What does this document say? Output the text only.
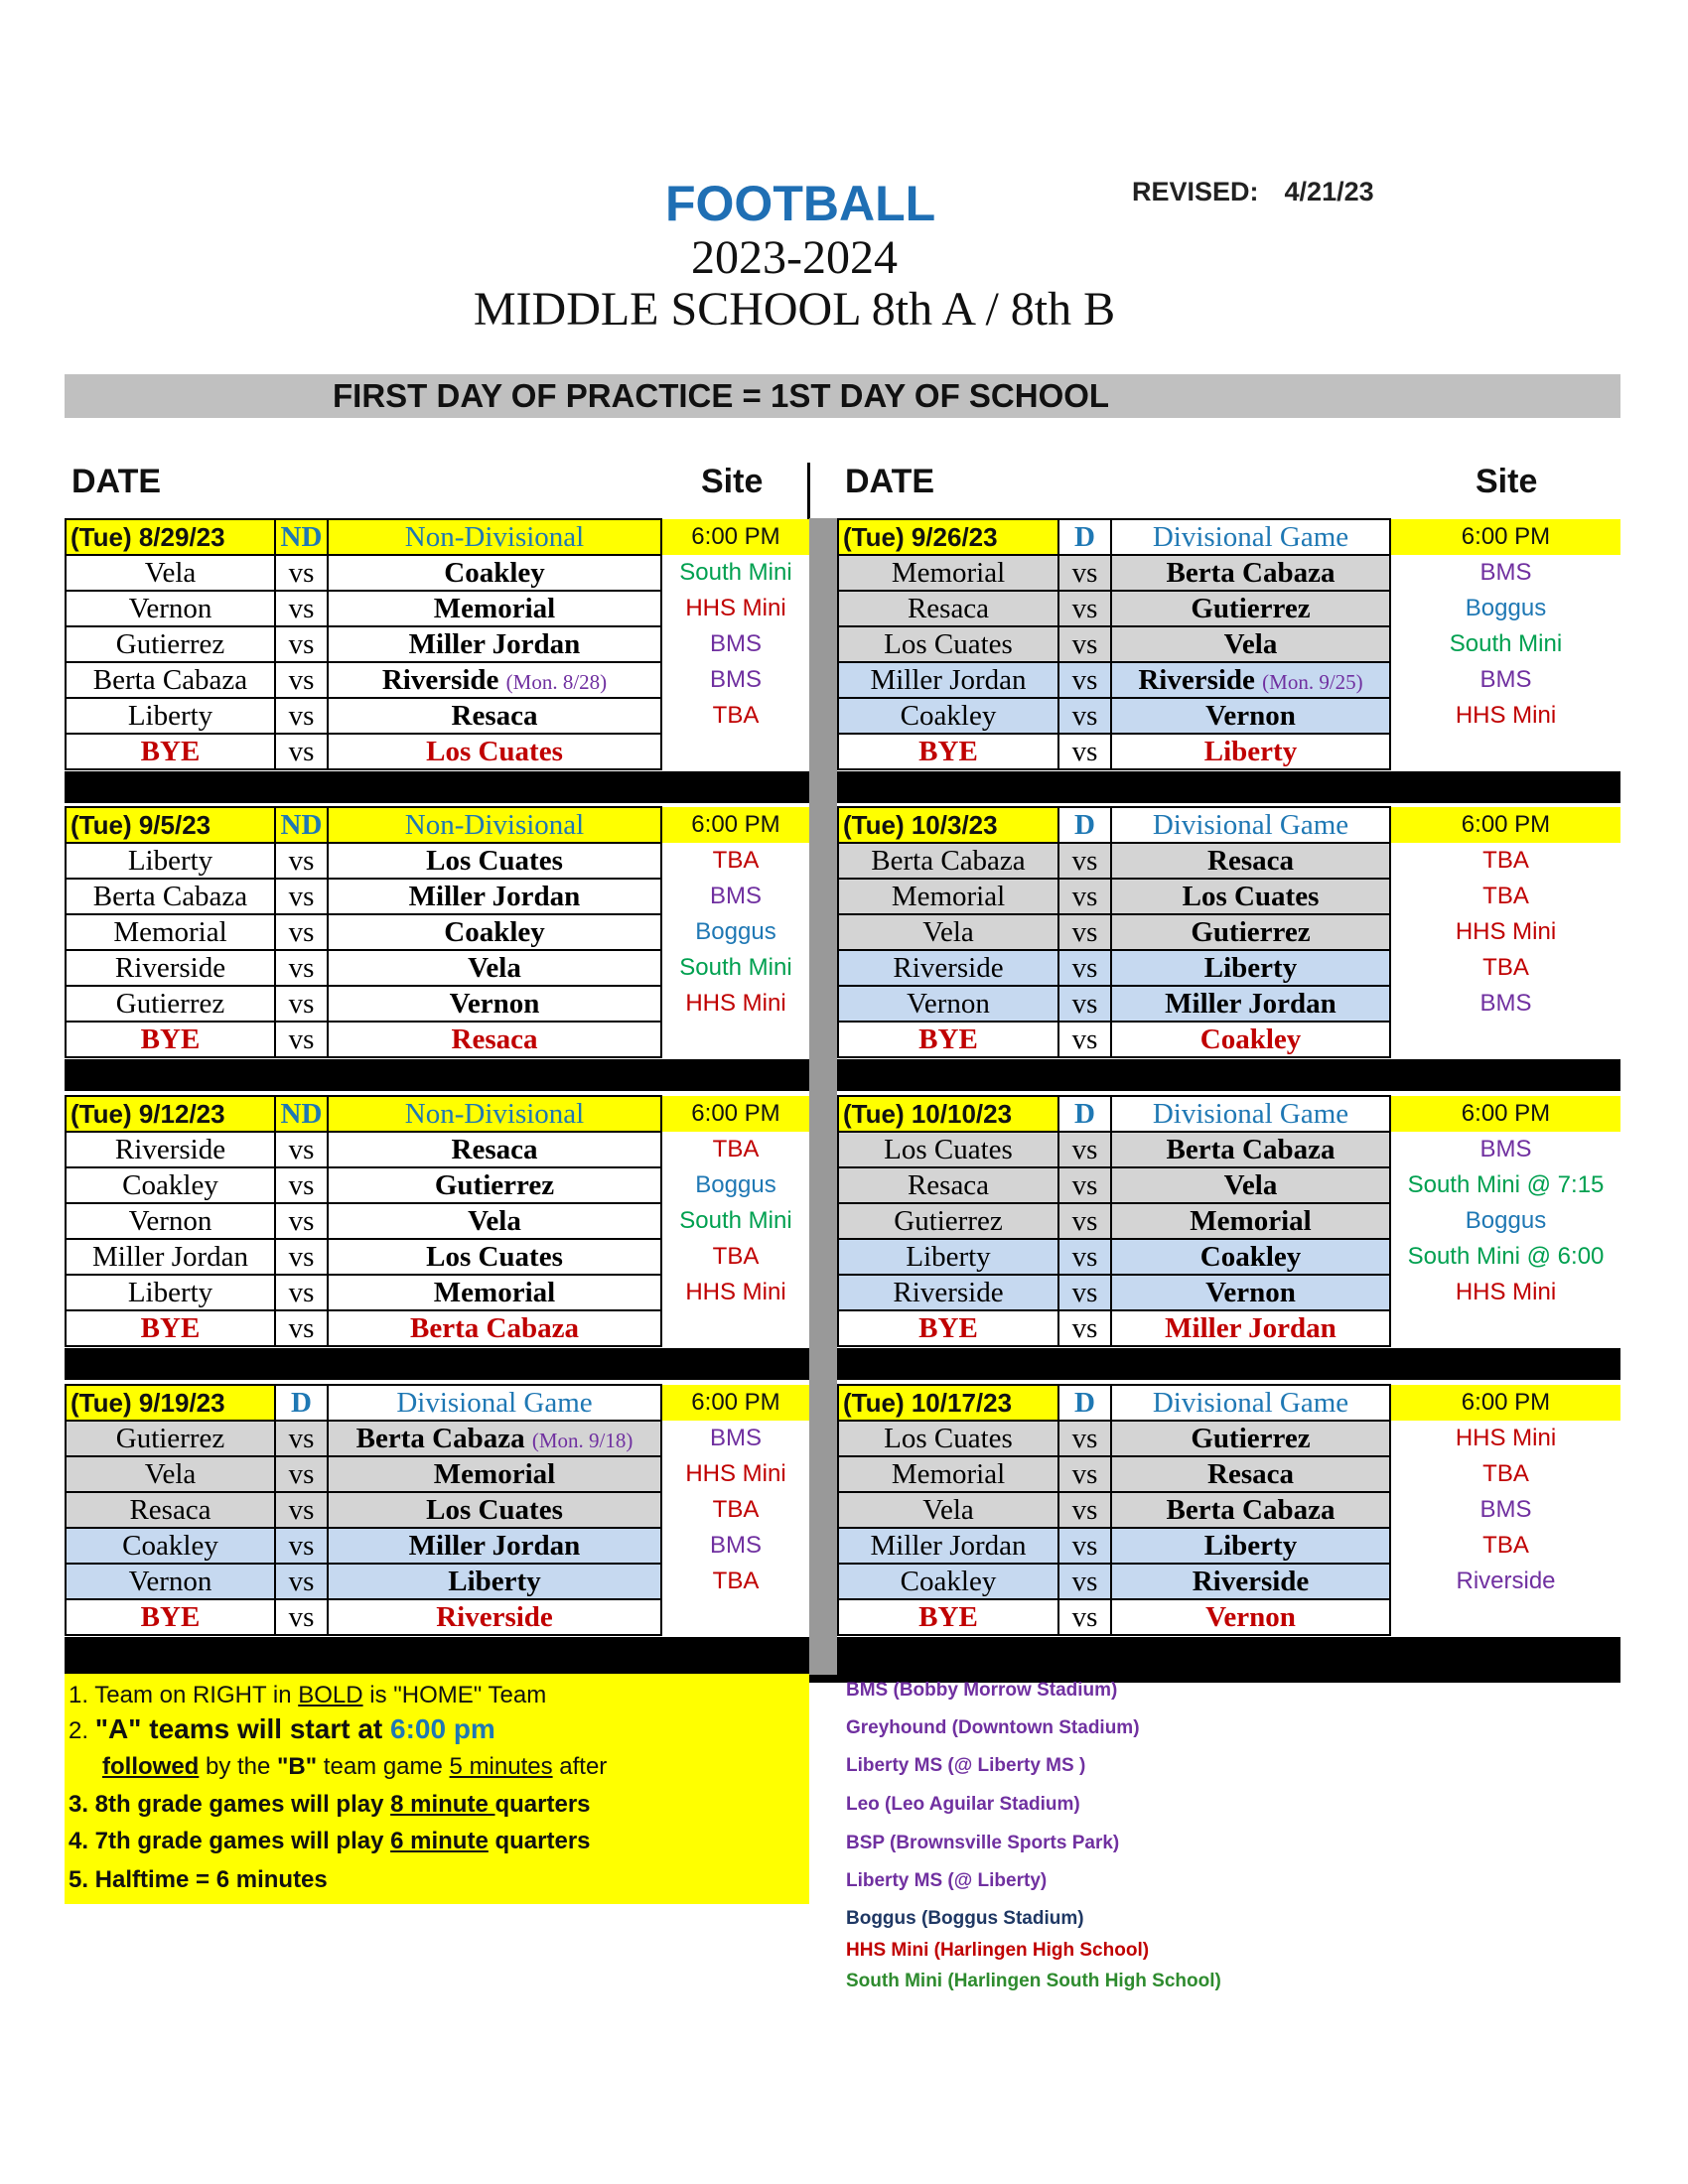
FOOTBALL	REVISED: 4/21/23
2023-2024
MIDDLE SCHOOL 8th A / 8th B
FIRST DAY OF PRACTICE = 1ST DAY OF SCHOOL
DATE	Site DATE	Site
(Tue) 8/29/23	ND	Non-Divisional	6:00 PM
Vela	vs	Coakley	South Mini
Vernon	vs	Memorial	HHS Mini
Gutierrez	vs	Miller Jordan	BMS
Berta Cabaza	vs	Riverside (Mon. 8/28)	BMS
Liberty	vs	Resaca	TBA
BYE	vs	Los Cuates	
(Tue) 9/5/23	ND	Non-Divisional	6:00 PM
Liberty	vs	Los Cuates	TBA
Berta Cabaza	vs	Miller Jordan	BMS
Memorial	vs	Coakley	Boggus
Riverside	vs	Vela	South Mini
Gutierrez	vs	Vernon	HHS Mini
BYE	vs	Resaca	
(Tue) 9/12/23	ND	Non-Divisional	6:00 PM
Riverside	vs	Resaca	TBA
Coakley	vs	Gutierrez	Boggus
Vernon	vs	Vela	South Mini
Miller Jordan	vs	Los Cuates	TBA
Liberty	vs	Memorial	HHS Mini
BYE	vs	Berta Cabaza	
(Tue) 9/19/23	D	Divisional Game	6:00 PM
Gutierrez	vs	Berta Cabaza (Mon. 9/18)	BMS
Vela	vs	Memorial	HHS Mini
Resaca	vs	Los Cuates	TBA
Coakley	vs	Miller Jordan	BMS
Vernon	vs	Liberty	TBA
BYE	vs	Riverside	
(Tue) 9/26/23	D	Divisional Game	6:00 PM
Memorial	vs	Berta Cabaza	BMS
Resaca	vs	Gutierrez	Boggus
Los Cuates	vs	Vela	South Mini
Miller Jordan	vs	Riverside (Mon. 9/25)	BMS
Coakley	vs	Vernon	HHS Mini
BYE	vs	Liberty	
(Tue) 10/3/23	D	Divisional Game	6:00 PM
Berta Cabaza	vs	Resaca	TBA
Memorial	vs	Los Cuates	TBA
Vela	vs	Gutierrez	HHS Mini
Riverside	vs	Liberty	TBA
Vernon	vs	Miller Jordan	BMS
BYE	vs	Coakley	
(Tue) 10/10/23	D	Divisional Game	6:00 PM
Los Cuates	vs	Berta Cabaza	BMS
Resaca	vs	Vela	South Mini @ 7:15
Gutierrez	vs	Memorial	Boggus
Liberty	vs	Coakley	South Mini @ 6:00
Riverside	vs	Vernon	HHS Mini
BYE	vs	Miller Jordan	
(Tue) 10/17/23	D	Divisional Game	6:00 PM
Los Cuates	vs	Gutierrez	HHS Mini
Memorial	vs	Resaca	TBA
Vela	vs	Berta Cabaza	BMS
Miller Jordan	vs	Liberty	TBA
Coakley	vs	Riverside	Riverside
BYE	vs	Vernon	
1. Team on RIGHT in BOLD is "HOME" Team
2. "A" teams will start at 6:00 pm
followed by the "B" team game 5 minutes after
3. 8th grade games will play 8 minute quarters
4. 7th grade games will play 6 minute quarters
5. Halftime = 6 minutes
BMS (Bobby Morrow Stadium)
Greyhound (Downtown Stadium)
Liberty MS (@ Liberty MS )
Leo (Leo Aguilar Stadium)
BSP (Brownsville Sports Park)
Liberty MS (@ Liberty)
Boggus (Boggus Stadium)
HHS Mini (Harlingen High School)
South Mini (Harlingen South High School)
